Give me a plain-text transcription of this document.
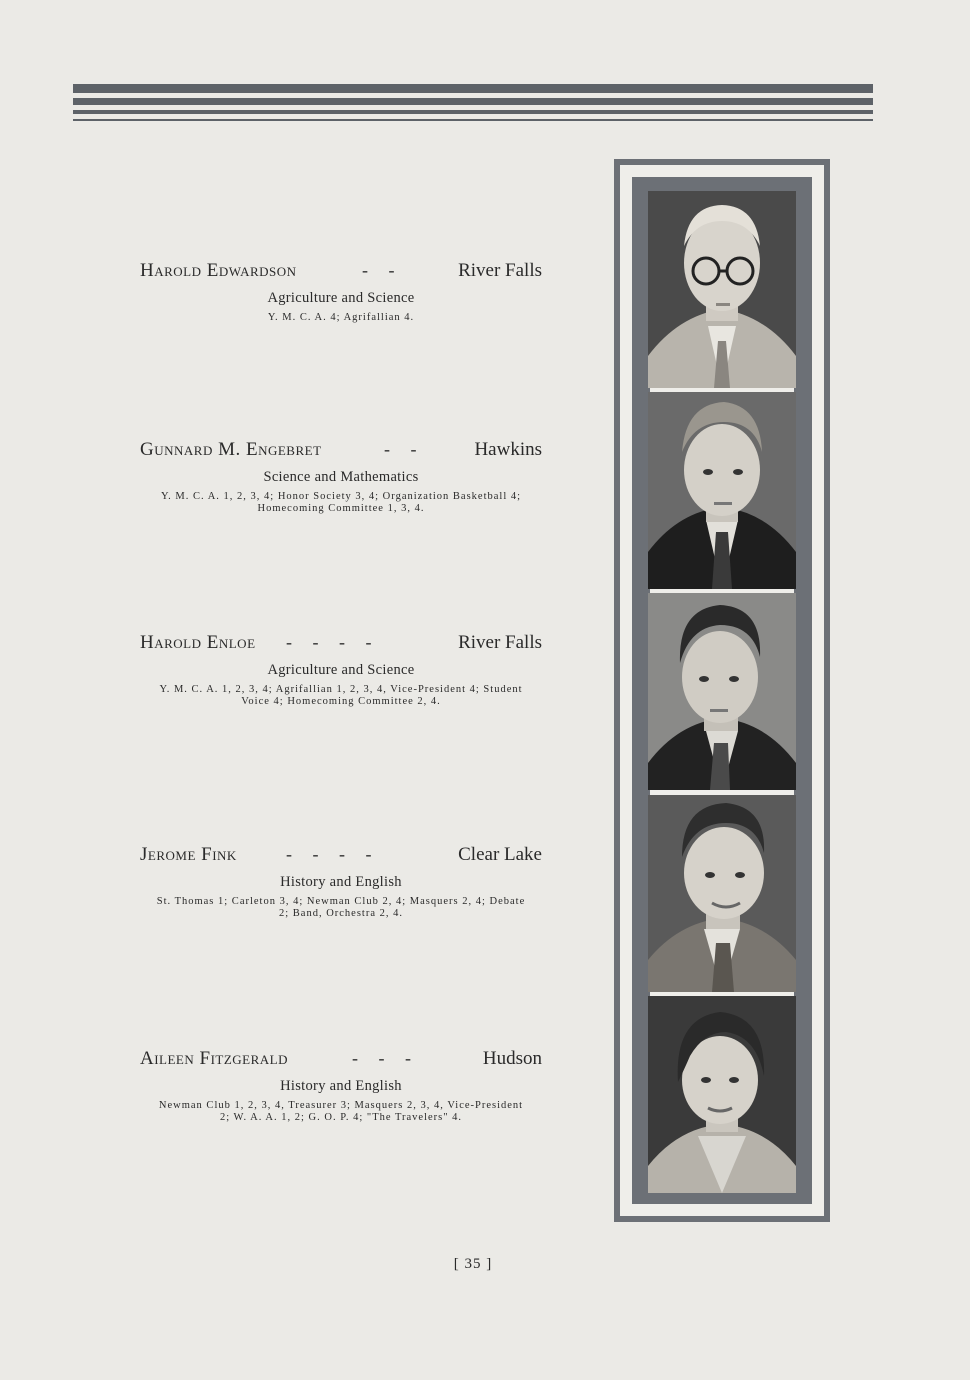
Harold Edwardson	- -	River Falls
Agriculture and Science
Y. M. C. A. 4; Agrifallian 4.
Gunnard M. Engebret	- -	Hawkins
Science and Mathematics
Y. M. C. A. 1, 2, 3, 4; Honor Society 3, 4; Organization Basketball 4; Homecoming Committee 1, 3, 4.
Harold Enloe - - - -	River Falls
Agriculture and Science
Y. M. C. A. 1, 2, 3, 4; Agrifallian 1, 2, 3, 4, Vice-President 4; Student Voice 4; Homecoming Committee 2, 4.
Jerome Fink	- - - -	Clear Lake
History and English
St. Thomas 1; Carleton 3, 4; Newman Club 2, 4; Masquers 2, 4; Debate 2; Band, Orchestra 2, 4.
Aileen Fitzgerald	- - -	Hudson
History and English
Newman Club 1, 2, 3, 4, Treasurer 3; Masquers 2, 3, 4, Vice-President 2; W. A. A. 1, 2; G. O. P. 4; "The Travelers" 4.
[ 35 ]
